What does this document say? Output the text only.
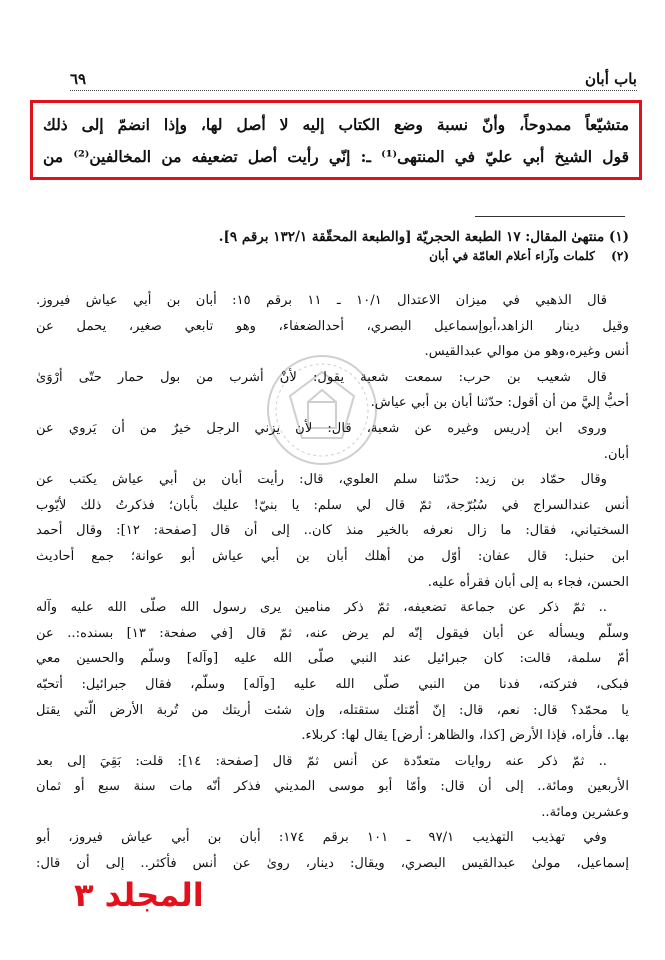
باب أبان
٦٩
متشيّعاً ممدوحاً، وأنّ نسبة وضع الكتاب إليه لا أصل لها، وإذا انضمّ إلى ذلك
قول الشيخ أبي عليّ في المنتهى⁽¹⁾ ـ: إنّي رأيت أصل تضعيفه من المخالفين⁽²⁾ من
(١) منتهىٰ المقال: ١٧ الطبعة الحجريّة [والطبعة المحقّقة ١٣٢/١ برقم ٩].
(٢) كلمات وآراء أعلام العامّة في أبان
قال الذهبي في ميزان الاعتدال ١٠/١ ـ ١١ برقم ١٥: أبان بن أبي عياش فيروز.
وقيل دينار الزاهد،أبوإسماعيل البصري، أحدالضعفاء، وهو تابعي صغير، يحمل عن
أنس وغيره،وهو من موالي عبدالقيس.
قال شعيب بن حرب: سمعت شعبة يقول: لأنْ أشرب من بول حمار حتّى أرْوَىٰ
أحبُّ إليَّ من أن أقول: حدّثنا أبان بن أبي عياش.
وروى ابن إدريس وغيره عن شعبة، قال: لأن يزني الرجل خيرٌ من أن يَروي عن
أبان.
وقال حمّاد بن زيد: حدّثنا سلم العلوي، قال: رأيت أبان بن أبي عياش يكتب عن
أنس عندالسراج في سُبُرّجة، ثمّ قال لي سلم: يا بنيّ! عليك بأبان؛ فذكرتُ ذلك لأيّوب
السختياني، فقال: ما زال نعرفه بالخير منذ كان.. إلى أن قال [صفحة: ١٢]: وقال أحمد
ابن حنبل: قال عفان: أوّل من أهلك أبان بن أبي عياش أبو عوانة؛ جمع أحاديث
الحسن، فجاء به إلى أبان فقرأه عليه.
.. ثمّ ذكر عن جماعة تضعيفه، ثمّ ذكر منامين يرى رسول الله صلّى الله عليه وآله
وسلّم ويسأله عن أبان فيقول إنّه لم يرض عنه، ثمّ قال [في صفحة: ١٣] بسنده:.. عن
أمّ سلمة، قالت: كان جبرائيل عند النبي صلّى الله عليه [وآله] وسلّم والحسين معي
فبكى، فتركته، فدنا من النبي صلّى الله عليه [وآله] وسلّم، فقال جبرائيل: أتحبّه
يا محمّد؟ قال: نعم، قال: إنّ أمّتك ستقتله، وإن شئت أريتك من تُربة الأرض الّتي يقتل
بها.. فأراه، فإذا الأرض [كذا، والظاهر: أرض] يقال لها: كربلاء.
.. ثمّ ذكر عنه روايات متعدّدة عن أنس ثمّ قال [صفحة: ١٤]: قلت: بَقِيَ إلى بعد
الأربعين ومائة.. إلى أن قال: وأمّا أبو موسى المديني فذكر أنّه مات سنة سبع أو ثمان
وعشرين ومائة..
وفي تهذيب التهذيب ٩٧/١ ـ ١٠١ برقم ١٧٤: أبان بن أبي عياش فيروز، أبو
إسماعيل، مولىٰ عبدالقيس البصري، ويقال: دينار، روىٰ عن أنس فأكثر.. إلى أن قال:
المجلد ٣
